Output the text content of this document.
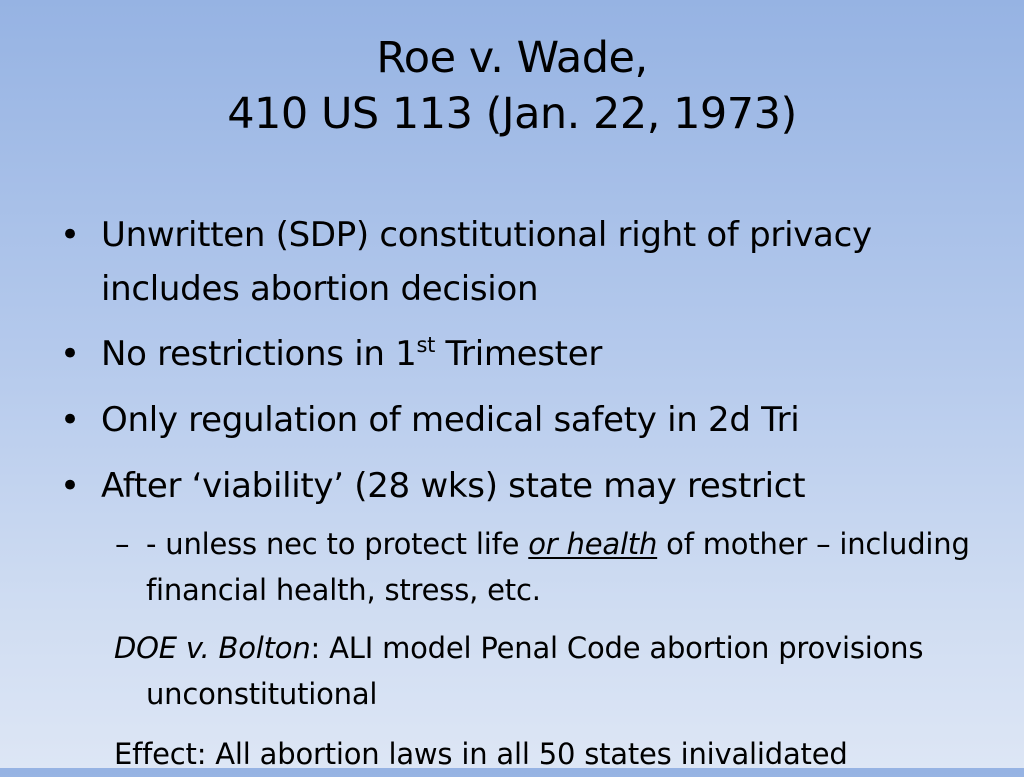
Roe v. Wade,
410 US 113 (Jan. 22, 1973)
• Unwritten (SDP) constitutional right of privacy includes abortion decision
• No restrictions in 1st Trimester
• Only regulation of medical safety in 2d Tri
• After ‘viability’ (28 wks) state may restrict
– - unless nec to protect life or health of mother – including financial health, stress, etc.
DOE v. Bolton: ALI model Penal Code abortion provisions unconstitutional
Effect: All abortion laws in all 50 states inivalidated
